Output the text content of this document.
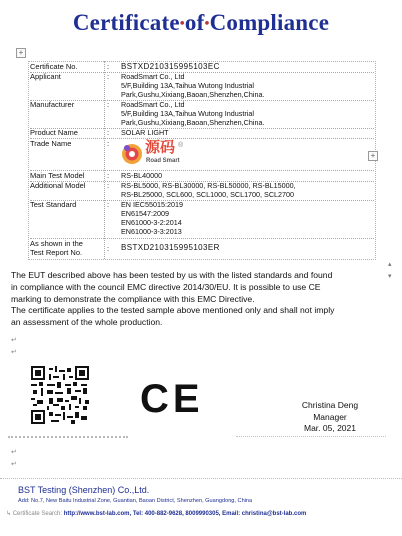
Certificate•of•Compliance
+
Certificate No.	: BSTXD210315995103EC
Applicant	: RoadSmart Co., Ltd
5/F,Building 13A,Taihua Wutong Industrial
Park,Gushu,Xixiang,Baoan,Shenzhen,China.
Manufacturer	: RoadSmart Co., Ltd
5/F,Building 13A,Taihua Wutong Industrial
Park,Gushu,Xixiang,Baoan,Shenzhen,China.
Product Name	: SOLAR LIGHT
Trade Name	: 源码 ®
Road Smart
+
Main Test Model	: RS-BL40000
Additional Model	: RS-BL5000, RS-BL30000, RS-BL50000, RS-BL15000,
RS-BL25000, SCL600, SCL1000, SCL1700, SCL2700
Test Standard	: EN IEC55015:2019
EN61547:2009
EN61000-3-2:2014
EN61000-3-3:2013
As shown in the
Test Report No.	: BSTXD210315995103ER
▴
▾
The EUT described above has been tested by us with the listed standards and found
in compliance with the council EMC directive 2014/30/EU. It is possible to use CE
marking to demonstrate the compliance with this EMC Directive.
The certificate applies to the tested sample above mentioned only and shall not imply
an assessment of the whole production.
CE	Christina Deng
Manager
Mar. 05, 2021
↵
↵
↵
↵
BST Testing (Shenzhen) Co.,Ltd.
Add: No.7, New Baitu Industrial Zone, Guantian, Baoan District, Shenzhen, Guangdong, China
↳ Certificate Search: http://www.bst-lab.com, Tel: 400-882-9628, 8009990305, Email: christina@bst-lab.com
